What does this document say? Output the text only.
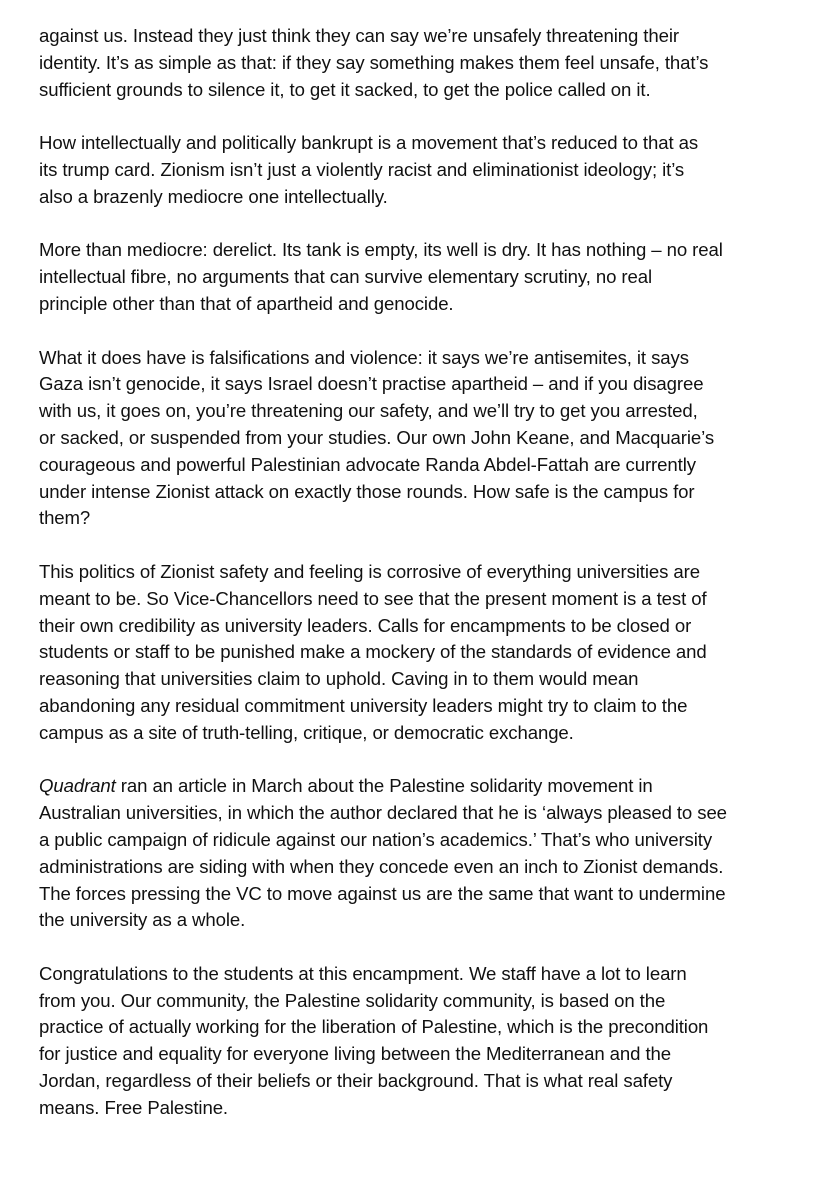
against us. Instead they just think they can say we’re unsafely threatening their
identity. It’s as simple as that: if they say something makes them feel unsafe, that’s
sufficient grounds to silence it, to get it sacked, to get the police called on it.

How intellectually and politically bankrupt is a movement that’s reduced to that as
its trump card. Zionism isn’t just a violently racist and eliminationist ideology; it’s
also a brazenly mediocre one intellectually.

More than mediocre: derelict. Its tank is empty, its well is dry. It has nothing – no real
intellectual fibre, no arguments that can survive elementary scrutiny, no real
principle other than that of apartheid and genocide.

What it does have is falsifications and violence: it says we’re antisemites, it says
Gaza isn’t genocide, it says Israel doesn’t practise apartheid – and if you disagree
with us, it goes on, you’re threatening our safety, and we’ll try to get you arrested,
or sacked, or suspended from your studies. Our own John Keane, and Macquarie’s
courageous and powerful Palestinian advocate Randa Abdel-Fattah are currently
under intense Zionist attack on exactly those rounds. How safe is the campus for
them?

This politics of Zionist safety and feeling is corrosive of everything universities are
meant to be. So Vice-Chancellors need to see that the present moment is a test of
their own credibility as university leaders. Calls for encampments to be closed or
students or staff to be punished make a mockery of the standards of evidence and
reasoning that universities claim to uphold. Caving in to them would mean
abandoning any residual commitment university leaders might try to claim to the
campus as a site of truth-telling, critique, or democratic exchange.

Quadrant ran an article in March about the Palestine solidarity movement in
Australian universities, in which the author declared that he is ‘always pleased to see
a public campaign of ridicule against our nation’s academics.’ That’s who university
administrations are siding with when they concede even an inch to Zionist demands.
The forces pressing the VC to move against us are the same that want to undermine
the university as a whole.

Congratulations to the students at this encampment. We staff have a lot to learn
from you. Our community, the Palestine solidarity community, is based on the
practice of actually working for the liberation of Palestine, which is the precondition
for justice and equality for everyone living between the Mediterranean and the
Jordan, regardless of their beliefs or their background. That is what real safety
means. Free Palestine.
